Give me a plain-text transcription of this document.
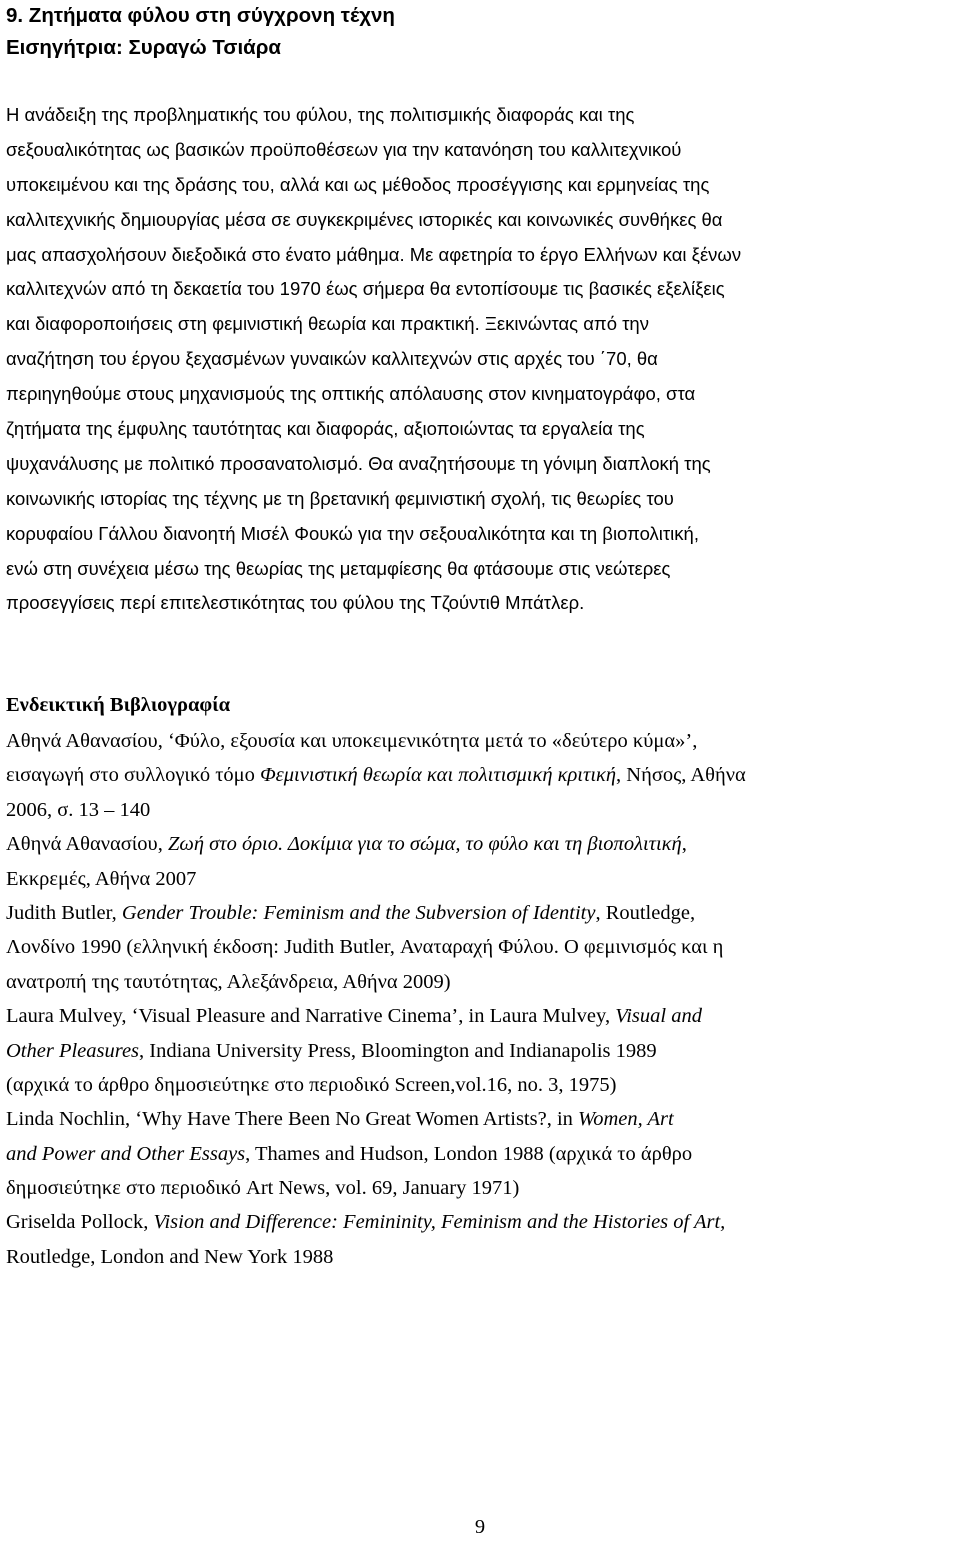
9. Ζητήματα φύλου στη σύγχρονη τέχνη
Εισηγήτρια: Συραγώ Τσιάρα
Η ανάδειξη της προβληματικής του φύλου, της πολιτισμικής διαφοράς και της
σεξουαλικότητας ως βασικών προϋποθέσεων για την κατανόηση του καλλιτεχνικού
υποκειμένου και της δράσης του, αλλά και ως μέθοδος προσέγγισης και ερμηνείας της
καλλιτεχνικής δημιουργίας μέσα σε συγκεκριμένες ιστορικές και κοινωνικές συνθήκες θα
μας απασχολήσουν διεξοδικά στο ένατο μάθημα. Με αφετηρία το έργο Ελλήνων και ξένων
καλλιτεχνών από τη δεκαετία του 1970 έως σήμερα θα εντοπίσουμε τις βασικές εξελίξεις
και διαφοροποιήσεις στη φεμινιστική θεωρία και πρακτική. Ξεκινώντας από την
αναζήτηση του έργου ξεχασμένων γυναικών καλλιτεχνών στις αρχές του ΄70, θα
περιηγηθούμε στους μηχανισμούς της οπτικής απόλαυσης στον κινηματογράφο, στα
ζητήματα της έμφυλης ταυτότητας και διαφοράς, αξιοποιώντας τα εργαλεία της
ψυχανάλυσης με πολιτικό προσανατολισμό. Θα αναζητήσουμε τη γόνιμη διαπλοκή της
κοινωνικής ιστορίας της τέχνης με τη βρετανική φεμινιστική σχολή, τις θεωρίες του
κορυφαίου Γάλλου διανοητή Μισέλ Φουκώ για την σεξουαλικότητα και τη βιοπολιτική,
ενώ στη συνέχεια μέσω της θεωρίας της μεταμφίεσης θα φτάσουμε στις νεώτερες
προσεγγίσεις περί επιτελεστικότητας του φύλου της Τζούντιθ Μπάτλερ.
Ενδεικτική Βιβλιογραφία
Αθηνά Αθανασίου, ‘Φύλο, εξουσία και υποκειμενικότητα μετά το «δεύτερο κύμα»’,
εισαγωγή στο συλλογικό τόμο Φεμινιστική θεωρία και πολιτισμική κριτική, Νήσος, Αθήνα
2006, σ. 13 – 140
Αθηνά Αθανασίου, Ζωή στο όριο. Δοκίμια για το σώμα, το φύλο και τη βιοπολιτική,
Εκκρεμές, Αθήνα 2007
Judith Butler, Gender Trouble: Feminism and the Subversion of Identity, Routledge,
Λονδίνο 1990 (ελληνική έκδοση: Judith Butler, Αναταραχή Φύλου. Ο φεμινισμός και η
ανατροπή της ταυτότητας, Αλεξάνδρεια, Αθήνα 2009)
Laura Mulvey, ‘Visual Pleasure and Narrative Cinema’, in Laura Mulvey, Visual and
Other Pleasures, Indiana University Press, Bloomington and Indianapolis 1989
(αρχικά το άρθρο δημοσιεύτηκε στο περιοδικό Screen,vol.16, no. 3, 1975)
Linda Nochlin, ‘Why Have There Been No Great Women Artists?, in Women, Art
and Power and Other Essays, Thames and Hudson, London 1988 (αρχικά το άρθρο
δημοσιεύτηκε στο περιοδικό Art News, vol. 69, January 1971)
Griselda Pollock, Vision and Difference: Femininity, Feminism and the Histories of Art,
Routledge, London and New York 1988
9
